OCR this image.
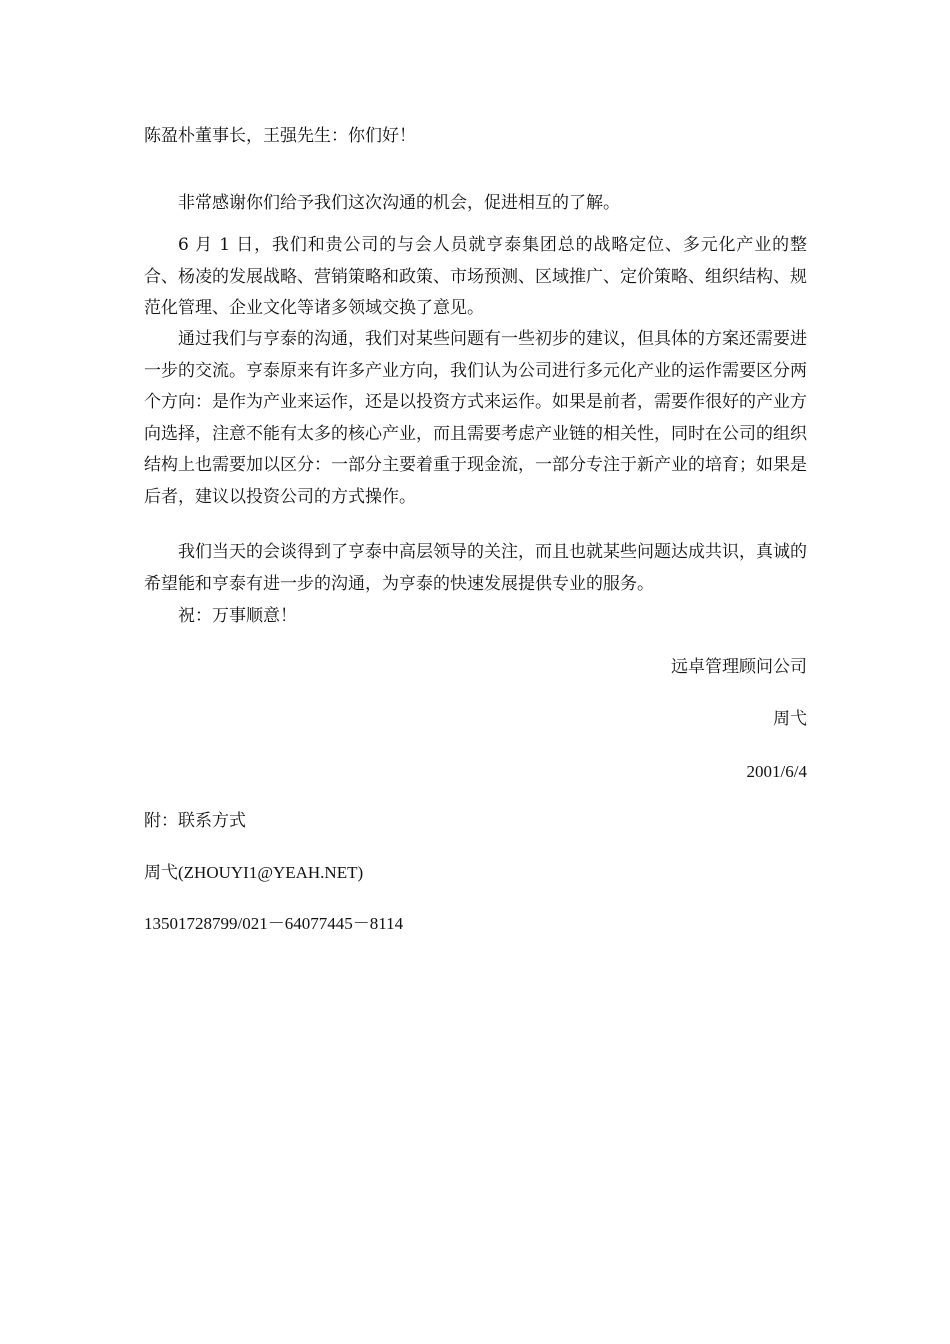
陈盈朴董事长，王强先生：你们好！

非常感谢你们给予我们这次沟通的机会，促进相互的了解。

6 月 1 日，我们和贵公司的与会人员就亨泰集团总的战略定位、多元化产业的整合、杨凌的发展战略、营销策略和政策、市场预测、区域推广、定价策略、组织结构、规范化管理、企业文化等诸多领域交换了意见。

通过我们与亨泰的沟通，我们对某些问题有一些初步的建议，但具体的方案还需要进一步的交流。亨泰原来有许多产业方向，我们认为公司进行多元化产业的运作需要区分两个方向：是作为产业来运作，还是以投资方式来运作。如果是前者，需要作很好的产业方向选择，注意不能有太多的核心产业，而且需要考虑产业链的相关性，同时在公司的组织结构上也需要加以区分：一部分主要着重于现金流，一部分专注于新产业的培育；如果是后者，建议以投资公司的方式操作。

我们当天的会谈得到了亨泰中高层领导的关注，而且也就某些问题达成共识，真诚的希望能和亨泰有进一步的沟通，为亨泰的快速发展提供专业的服务。

祝：万事顺意！

远卓管理顾问公司

周弋

2001/6/4

附：联系方式

周弋(ZHOUYI1@YEAH.NET)

13501728799/021－64077445－8114
